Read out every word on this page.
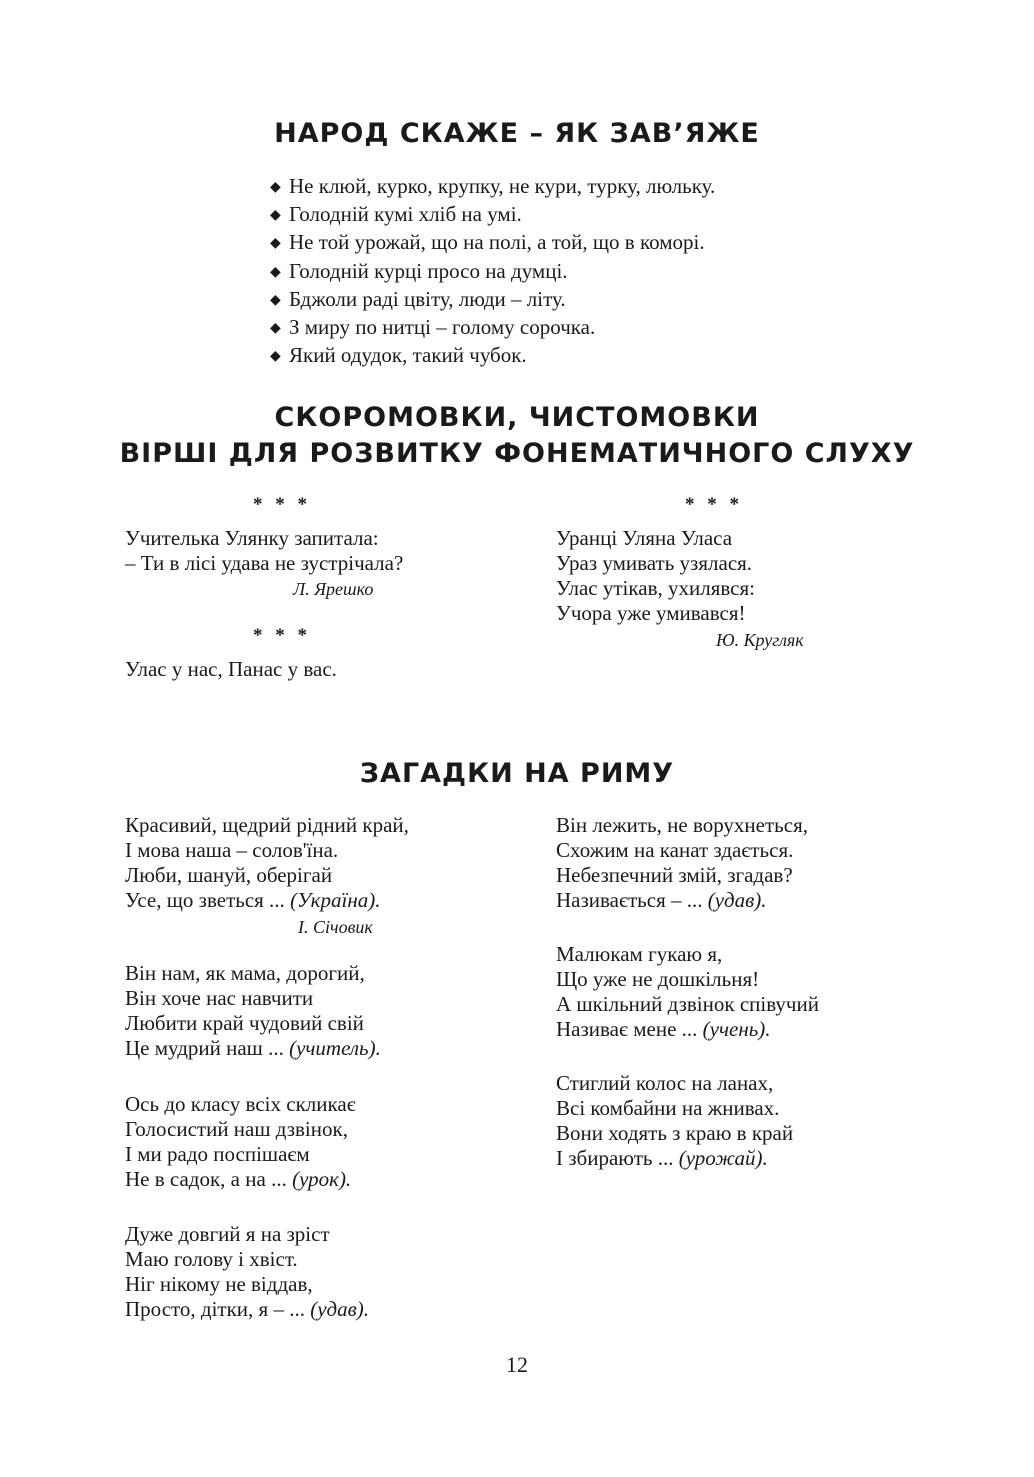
НАРОД СКАЖЕ – ЯК ЗАВ’ЯЖЕ
◆ Не клюй, курко, крупку, не кури, турку, люльку.
◆ Голодній кумі хліб на умі.
◆ Не той урожай, що на полі, а той, що в коморі.
◆ Голодній курці просо на думці.
◆ Бджоли раді цвіту, люди – літу.
◆ З миру по нитці – голому сорочка.
◆ Який одудок, такий чубок.
СКОРОМОВКИ, ЧИСТОМОВКИ
ВІРШІ ДЛЯ РОЗВИТКУ ФОНЕМАТИЧНОГО СЛУХУ
* * *
Учителька Улянку запитала:
– Ти в лісі удава не зустрічала?
Л. Ярешко
* * *
Улас у нас, Панас у вас.
* * *
Уранці Уляна Уласа
Ураз умивать узялася.
Улас утікав, ухилявся:
Учора уже умивався!
Ю. Кругляк
ЗАГАДКИ НА РИМУ
Красивий, щедрий рідний край,
І мова наша – солов'їна.
Люби, шануй, оберігай
Усе, що зветься ... (Україна).
І. Січовик
Він нам, як мама, дорогий,
Він хоче нас навчити
Любити край чудовий свій
Це мудрий наш ... (учитель).
Ось до класу всіх скликає
Голосистий наш дзвінок,
І ми радо поспішаєм
Не в садок, а на ... (урок).
Дуже довгий я на зріст
Маю голову і хвіст.
Ніг нікому не віддав,
Просто, дітки, я – ... (удав).
Він лежить, не ворухнеться,
Схожим на канат здається.
Небезпечний змій, згадав?
Називається – ... (удав).
Малюкам гукаю я,
Що уже не дошкільня!
А шкільний дзвінок співучий
Називає мене ... (учень).
Стиглий колос на ланах,
Всі комбайни на жнивах.
Вони ходять з краю в край
І збирають ... (урожай).
12
